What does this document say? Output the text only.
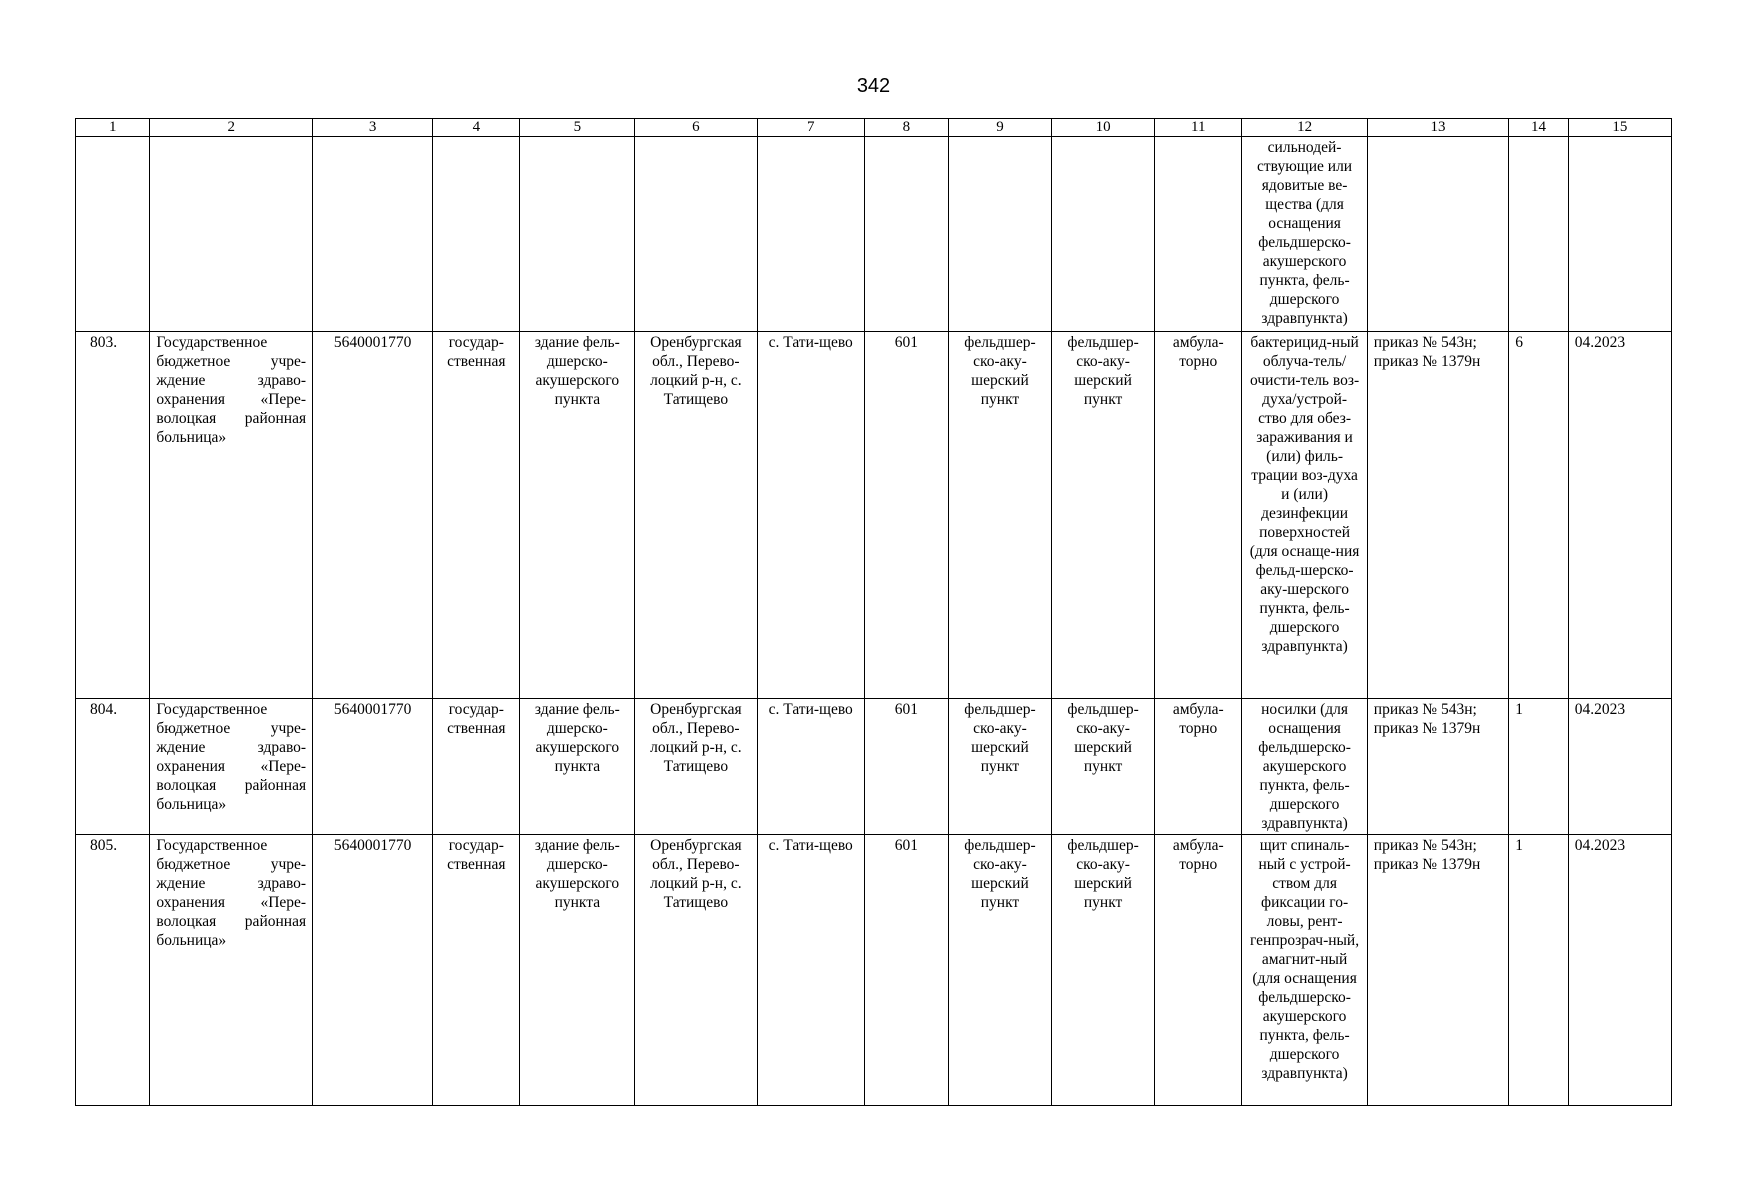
342
1	2	3	4	5	6	7	8	9	10	11	12	13	14	15
											сильнодей-ствующие или ядовитые ве-щества (для оснащения фельдшерско-акушерского пункта, фель-дшерского здравпункта)			
803.	Государственное бюджетное учре-ждение здраво-охранения «Пере-волоцкая районная больница»	5640001770	государ-ственная	здание фель-дшерско-акушерского пункта	Оренбургская обл., Перево-лоцкий р-н, с. Татищево	с. Тати-щево	601	фельдшер-ско-аку-шерский пункт	фельдшер-ско-аку-шерский пункт	амбула-торно	бактерицид-ный облуча-тель/очисти-тель воз-духа/устрой-ство для обез-зараживания и (или) филь-трации воз-духа и (или) дезинфекции поверхностей (для оснаще-ния фельд-шерско-аку-шерского пункта, фель-дшерского здравпункта)	приказ № 543н; приказ № 1379н	6	04.2023
804.	Государственное бюджетное учре-ждение здраво-охранения «Пере-волоцкая районная больница»	5640001770	государ-ственная	здание фель-дшерско-акушерского пункта	Оренбургская обл., Перево-лоцкий р-н, с. Татищево	с. Тати-щево	601	фельдшер-ско-аку-шерский пункт	фельдшер-ско-аку-шерский пункт	амбула-торно	носилки (для оснащения фельдшерско-акушерского пункта, фель-дшерского здравпункта)	приказ № 543н; приказ № 1379н	1	04.2023
805.	Государственное бюджетное учре-ждение здраво-охранения «Пере-волоцкая районная больница»	5640001770	государ-ственная	здание фель-дшерско-акушерского пункта	Оренбургская обл., Перево-лоцкий р-н, с. Татищево	с. Тати-щево	601	фельдшер-ско-аку-шерский пункт	фельдшер-ско-аку-шерский пункт	амбула-торно	щит спиналь-ный с устрой-ством для фиксации го-ловы, рент-генпрозрач-ный, амагнит-ный (для оснащения фельдшерско-акушерского пункта, фель-дшерского здравпункта)	приказ № 543н; приказ № 1379н	1	04.2023
